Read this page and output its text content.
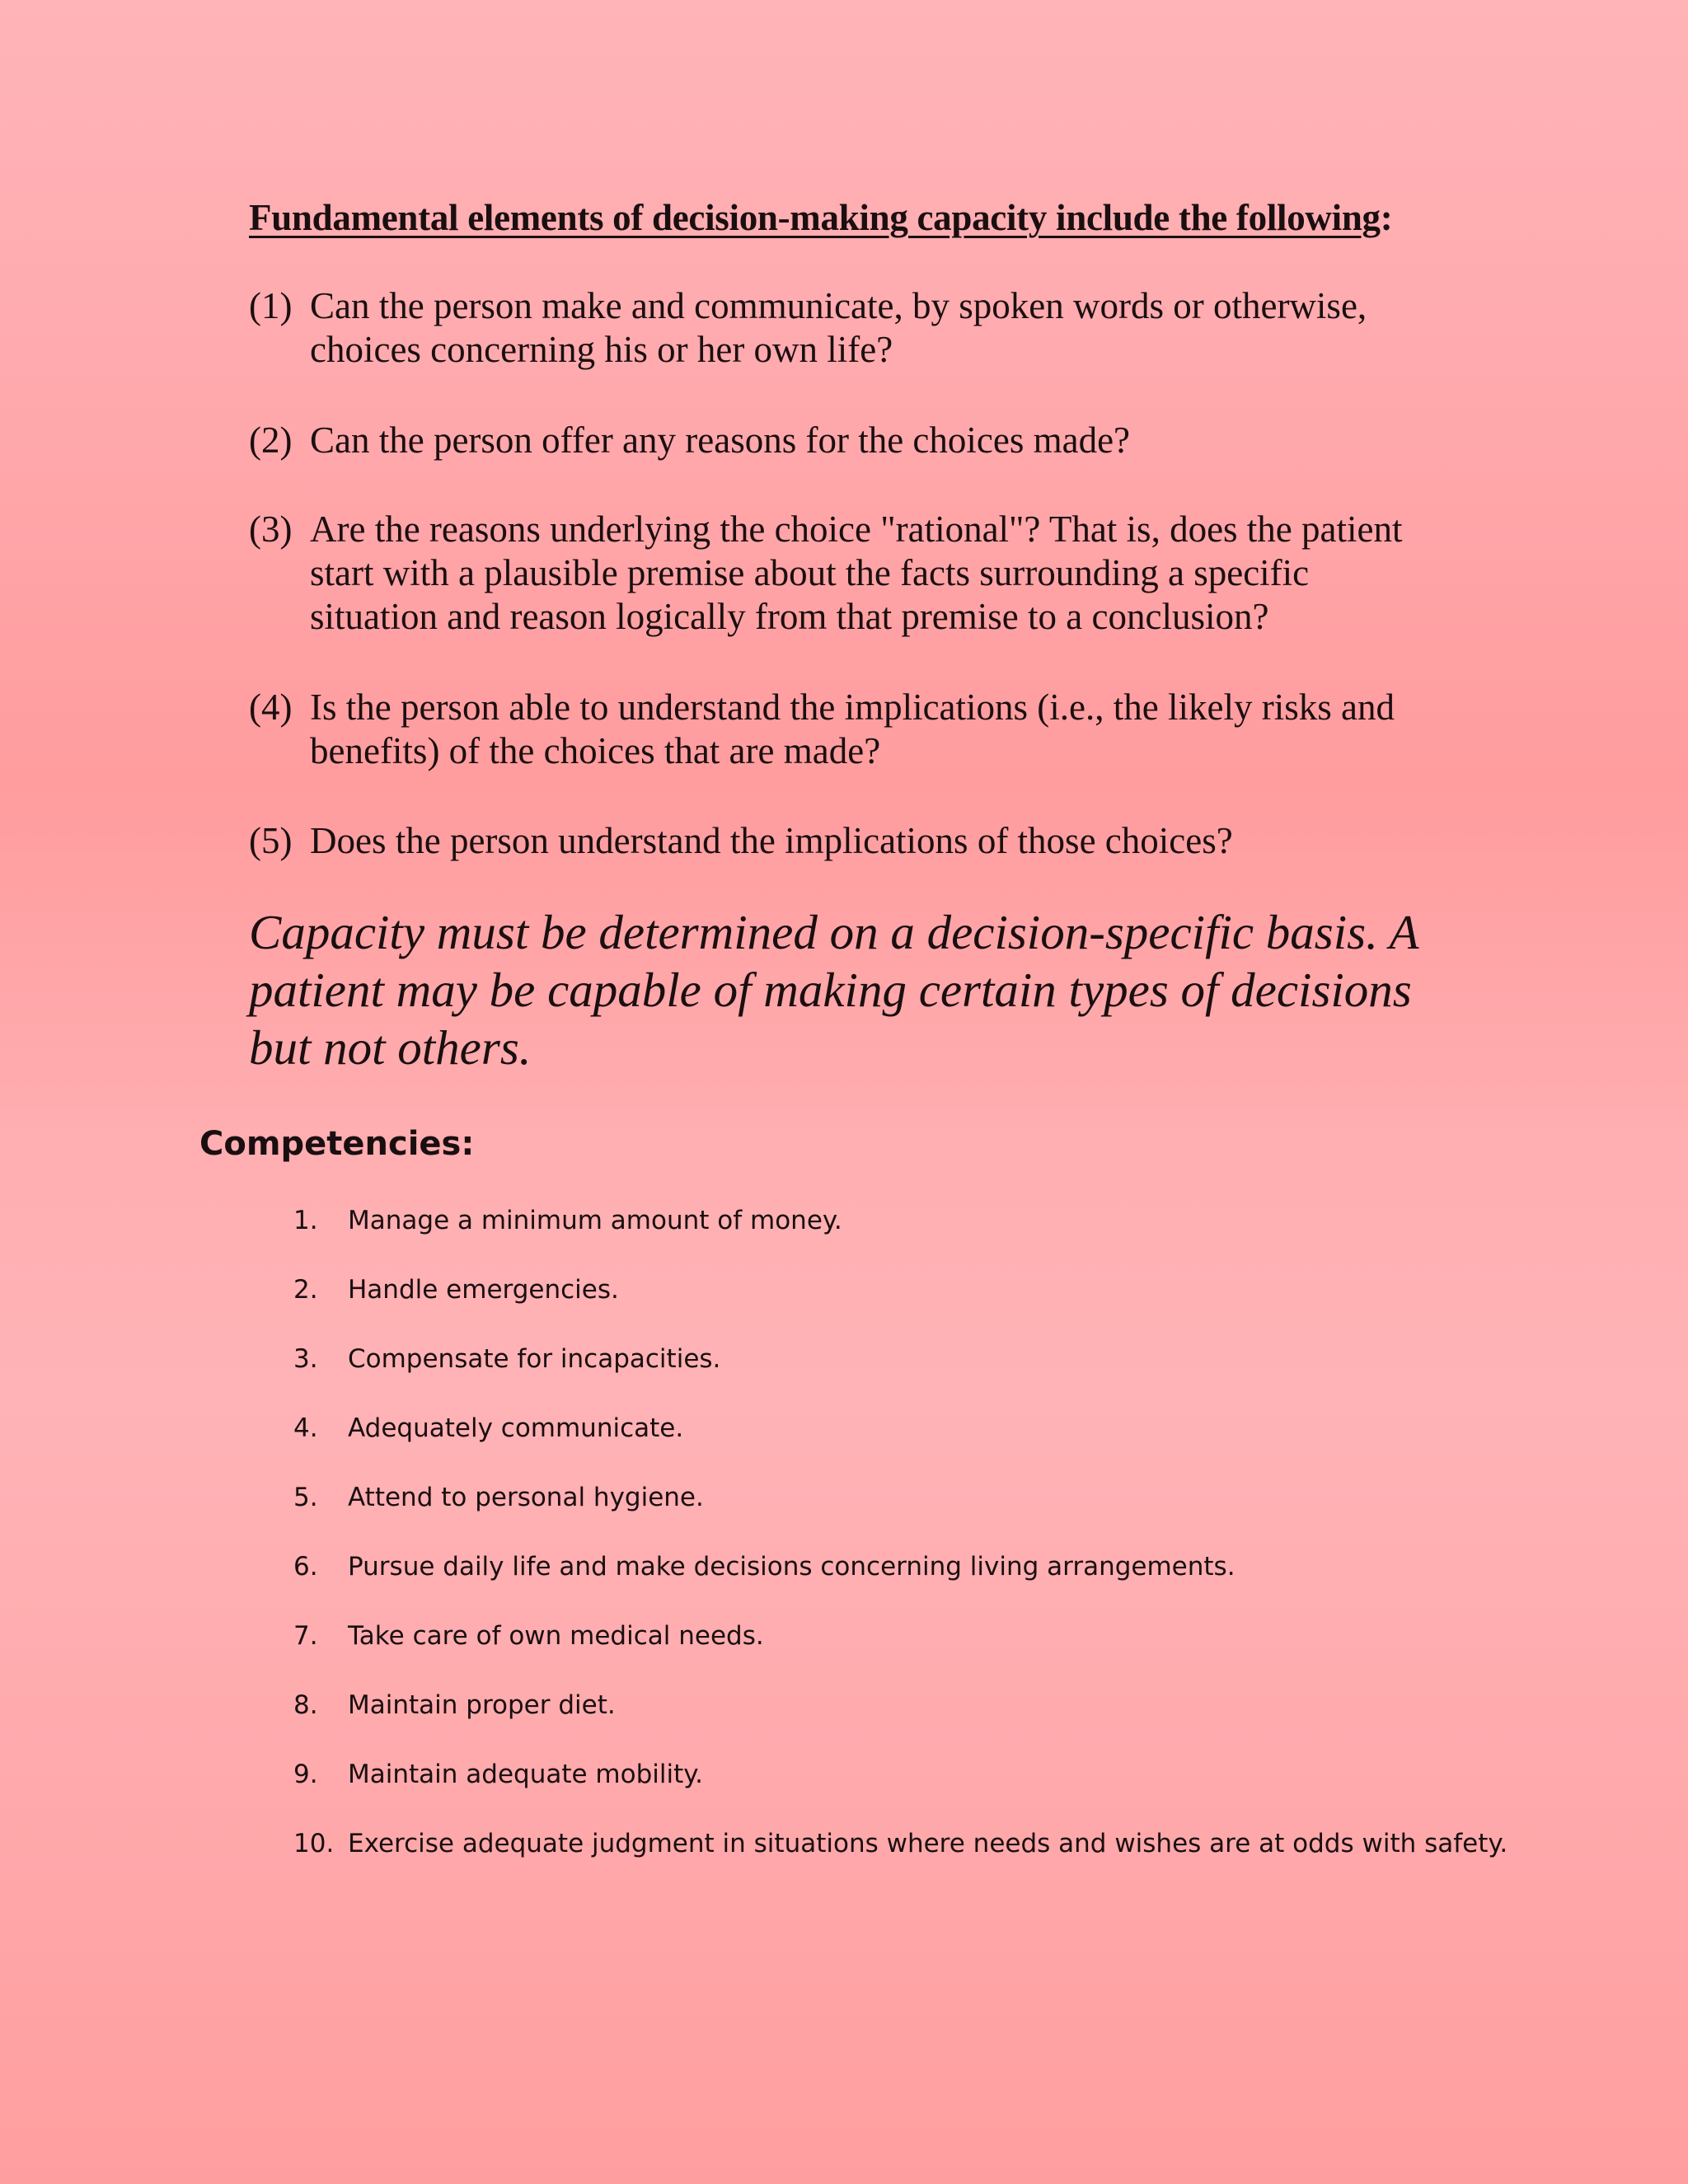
Fundamental elements of decision-making capacity include the following:
(1) Can the person make and communicate, by spoken words or otherwise,
choices concerning his or her own life?
(2) Can the person offer any reasons for the choices made?
(3) Are the reasons underlying the choice "rational"? That is, does the patient
start with a plausible premise about the facts surrounding a specific
situation and reason logically from that premise to a conclusion?
(4) Is the person able to understand the implications (i.e., the likely risks and
benefits) of the choices that are made?
(5) Does the person understand the implications of those choices?
Capacity must be determined on a decision-specific basis. A
patient may be capable of making certain types of decisions
but not others.
Competencies:
1.	Manage a minimum amount of money.
2.	Handle emergencies.
3.	Compensate for incapacities.
4.	Adequately communicate.
5.	Attend to personal hygiene.
6.	Pursue daily life and make decisions concerning living arrangements.
7.	Take care of own medical needs.
8.	Maintain proper diet.
9.	Maintain adequate mobility.
10. Exercise adequate judgment in situations where needs and wishes are at odds with safety.
